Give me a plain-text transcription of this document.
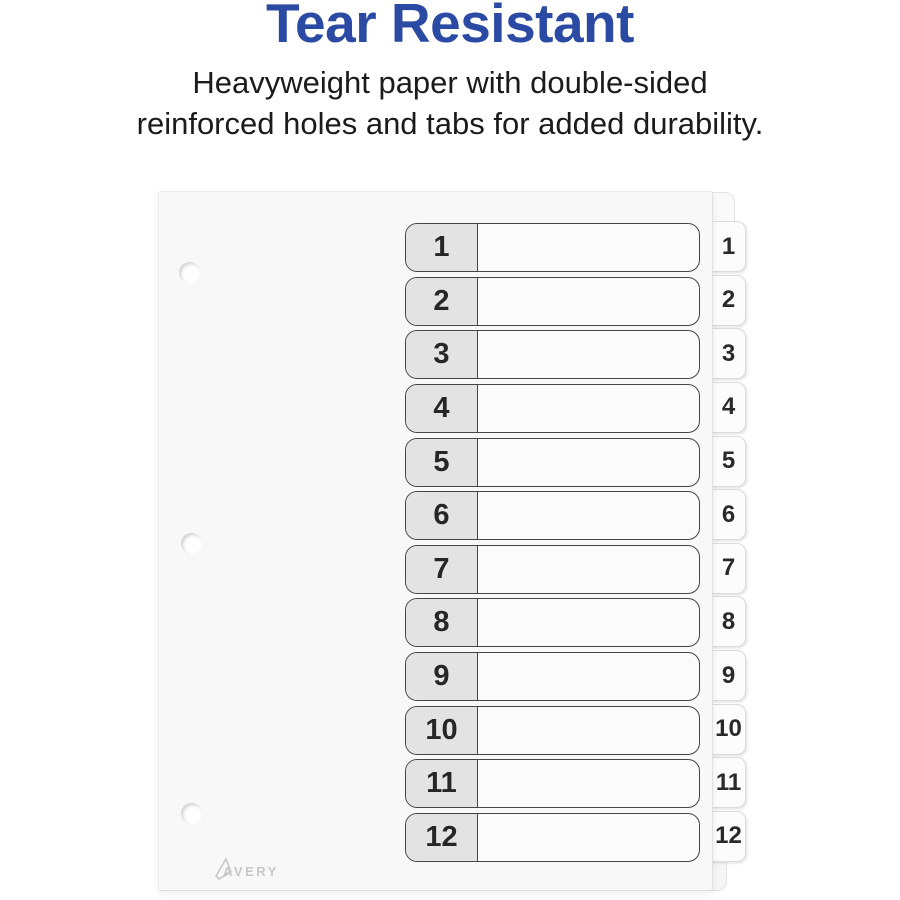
Tear Resistant
Heavyweight paper with double-sided
reinforced holes and tabs for added durability.
1
2
3
4
5
6
7
8
9
10
11
12
1
2
3
4
5
6
7
8
9
10
11
12
AVERY
